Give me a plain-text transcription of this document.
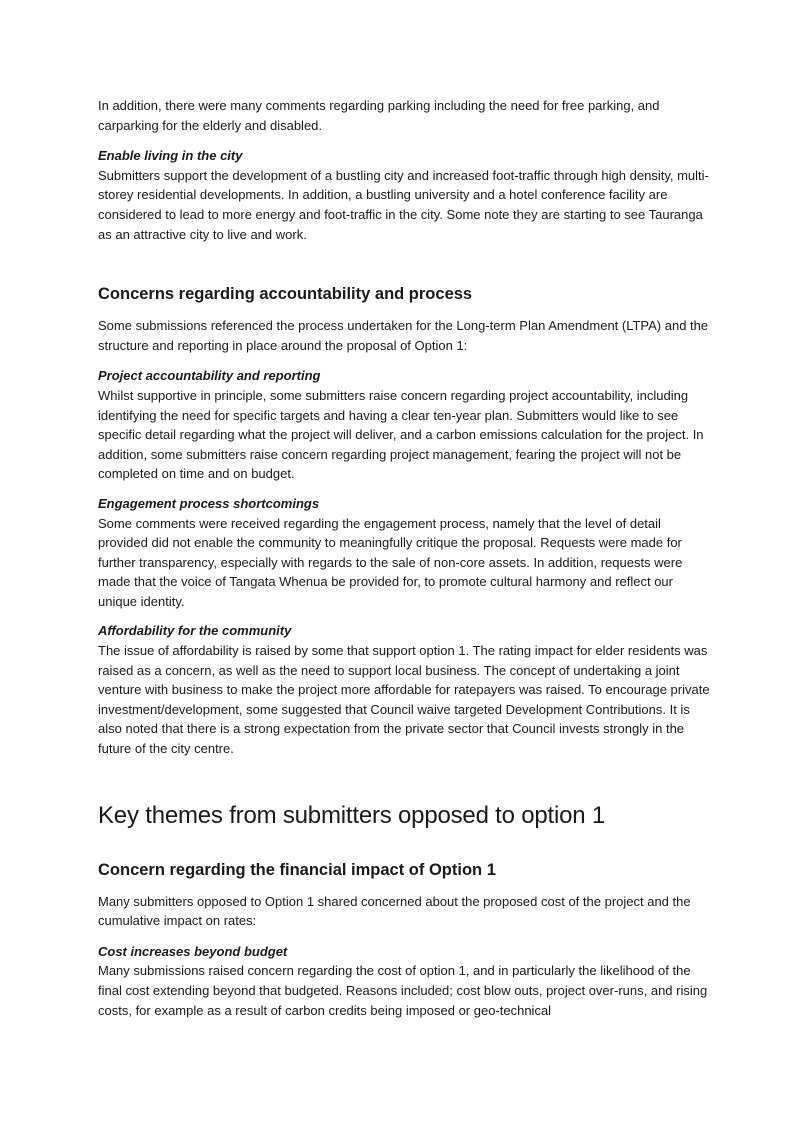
In addition, there were many comments regarding parking including the need for free parking, and carparking for the elderly and disabled.

Enable living in the city

Submitters support the development of a bustling city and increased foot-traffic through high density, multi-storey residential developments. In addition, a bustling university and a hotel conference facility are considered to lead to more energy and foot-traffic in the city. Some note they are starting to see Tauranga as an attractive city to live and work.

Concerns regarding accountability and process

Some submissions referenced the process undertaken for the Long-term Plan Amendment (LTPA) and the structure and reporting in place around the proposal of Option 1:

Project accountability and reporting

Whilst supportive in principle, some submitters raise concern regarding project accountability, including identifying the need for specific targets and having a clear ten-year plan. Submitters would like to see specific detail regarding what the project will deliver, and a carbon emissions calculation for the project. In addition, some submitters raise concern regarding project management, fearing the project will not be completed on time and on budget.

Engagement process shortcomings

Some comments were received regarding the engagement process, namely that the level of detail provided did not enable the community to meaningfully critique the proposal. Requests were made for further transparency, especially with regards to the sale of non-core assets. In addition, requests were made that the voice of Tangata Whenua be provided for, to promote cultural harmony and reflect our unique identity.

Affordability for the community

The issue of affordability is raised by some that support option 1. The rating impact for elder residents was raised as a concern, as well as the need to support local business. The concept of undertaking a joint venture with business to make the project more affordable for ratepayers was raised. To encourage private investment/development, some suggested that Council waive targeted Development Contributions. It is also noted that there is a strong expectation from the private sector that Council invests strongly in the future of the city centre.

Key themes from submitters opposed to option 1
Concern regarding the financial impact of Option 1

Many submitters opposed to Option 1 shared concerned about the proposed cost of the project and the cumulative impact on rates:

Cost increases beyond budget

Many submissions raised concern regarding the cost of option 1, and in particularly the likelihood of the final cost extending beyond that budgeted. Reasons included; cost blow outs, project over-runs, and rising costs, for example as a result of carbon credits being imposed or geo-technical
